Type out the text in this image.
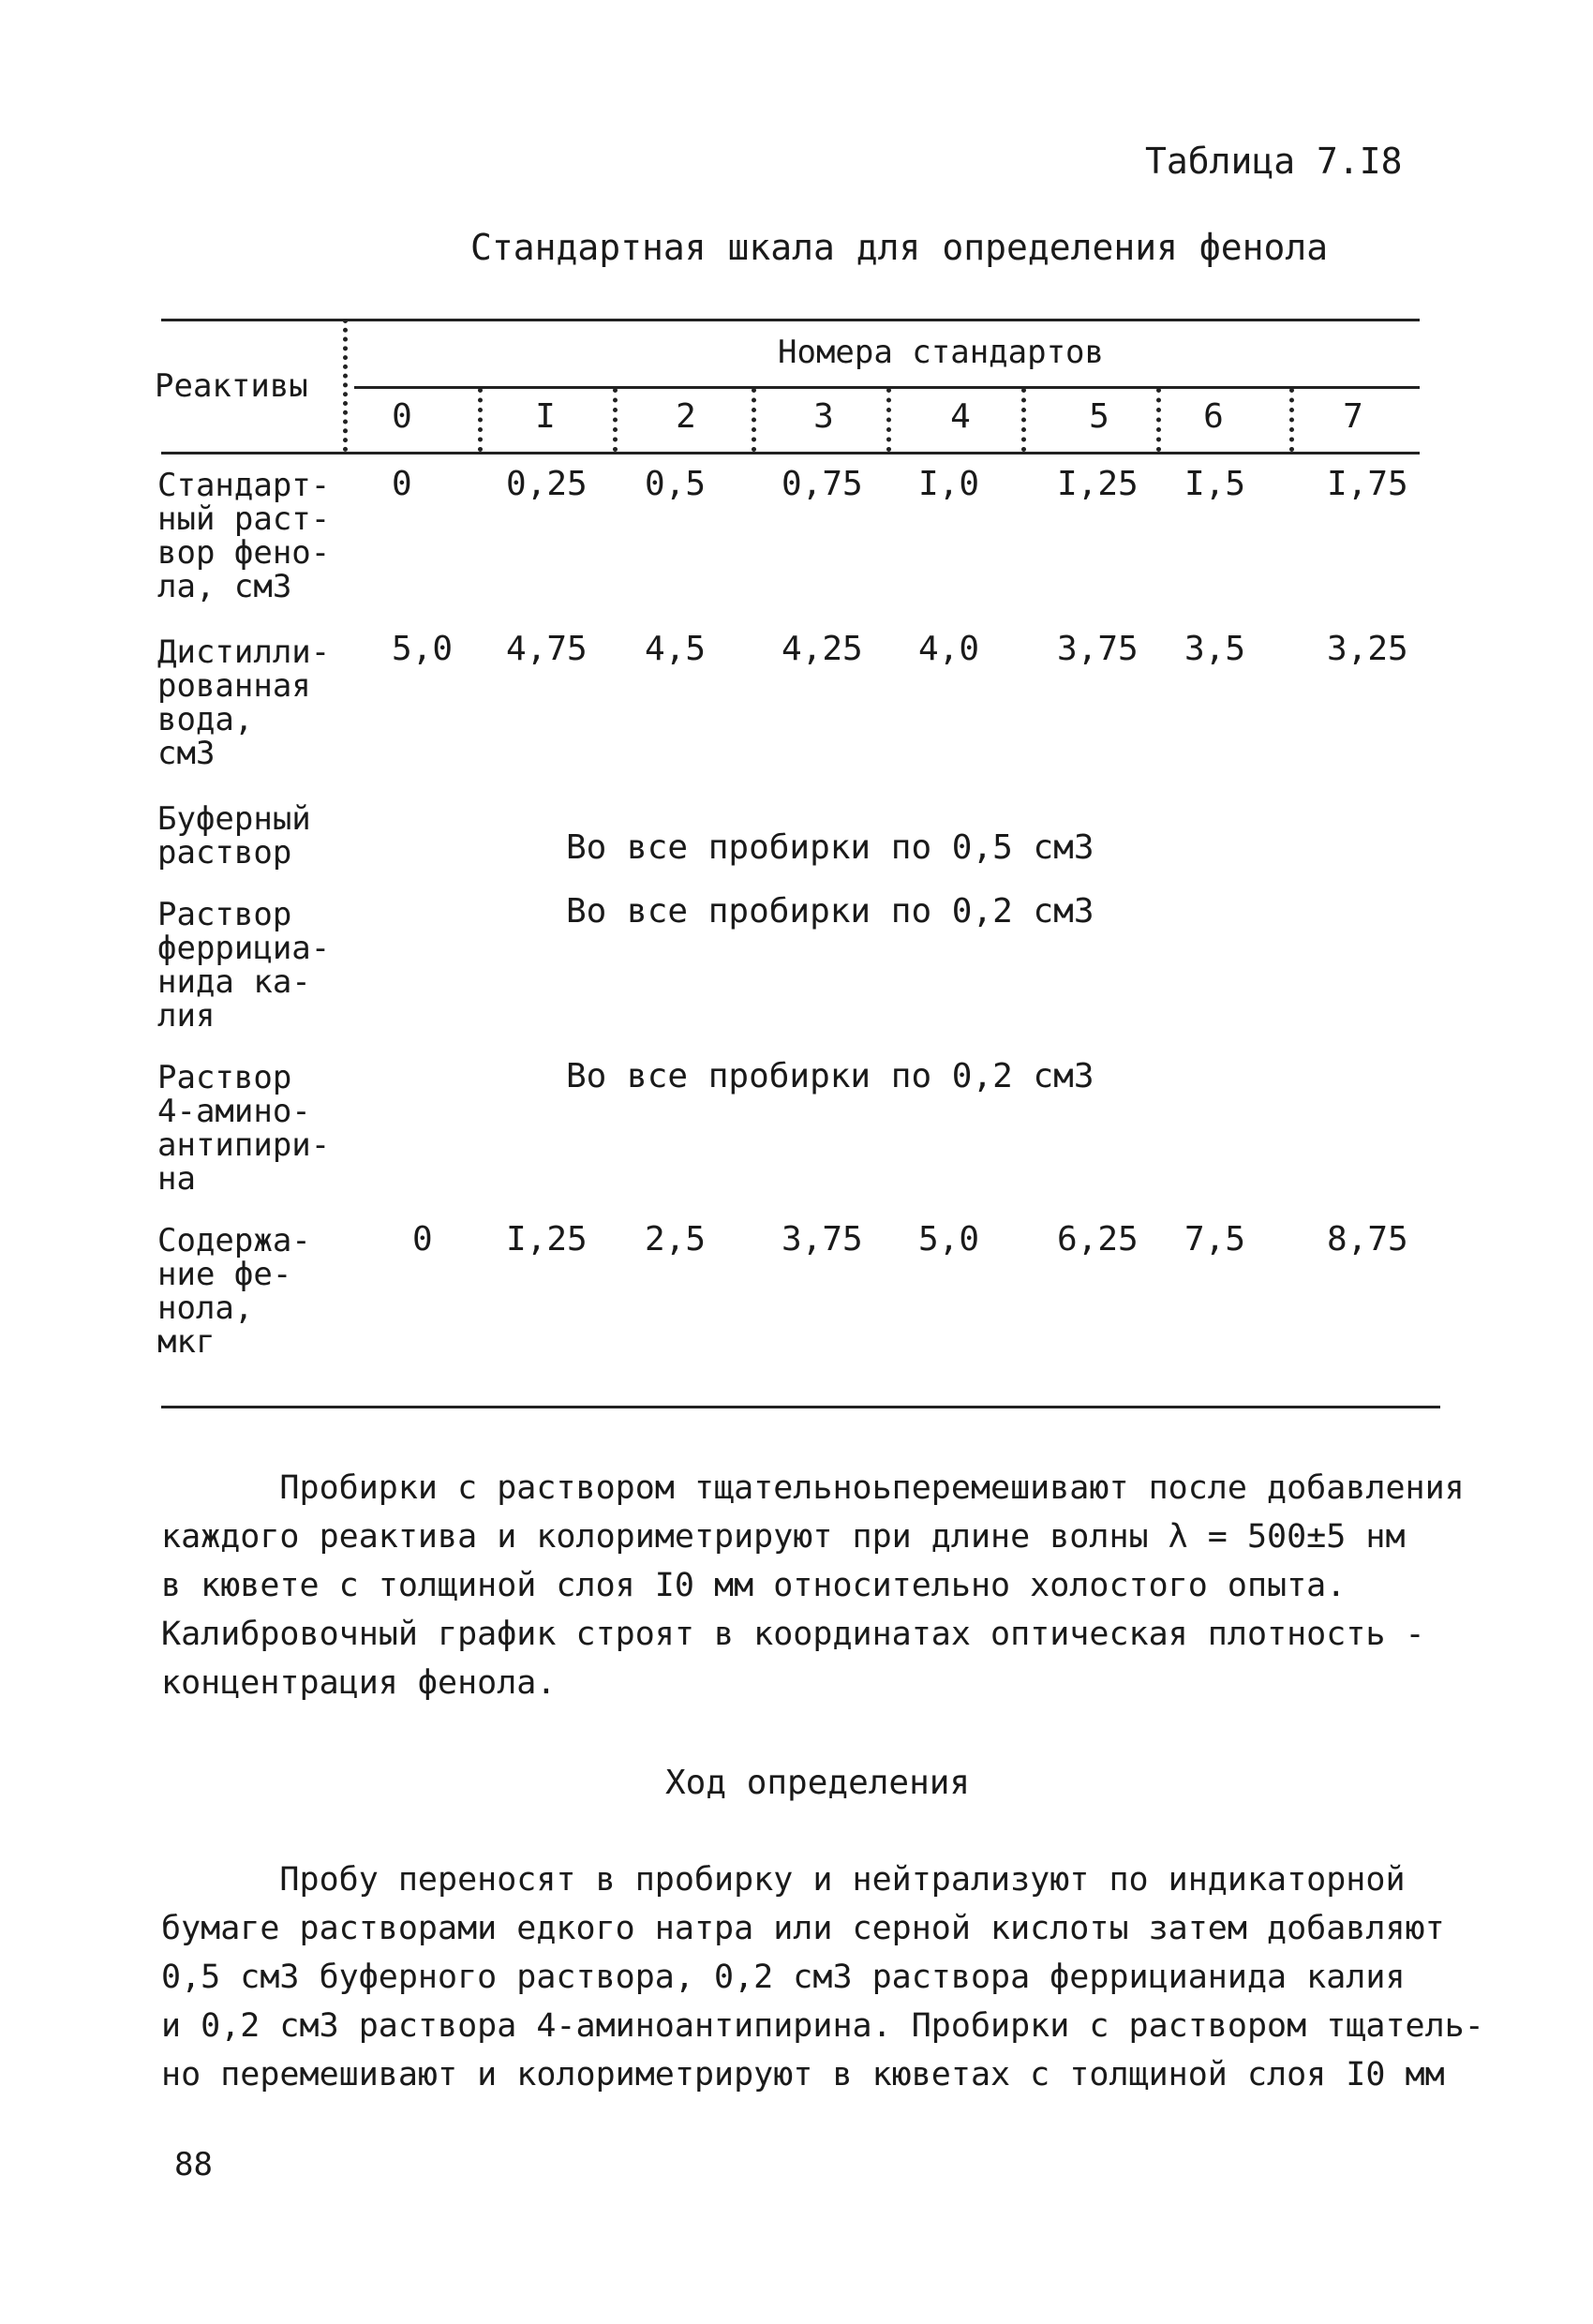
Таблица 7.I8
Стандартная шкала для определения фенола
Реактивы
Номера стандартов
0	I	2	3	4	5	6	7
Стандарт-
ный раст-
вор фено-
ла, см3
0	0,25 0,5 0,75 I,0 I,25 I,5 I,75
Дистилли-
рованная
вода,
см3
5,0 4,75 4,5 4,25 4,0 3,75 3,5 3,25
Буферный
раствор	Во все пробирки по 0,5 см3
Раствор
феррициа-
нида ка-
лия
Во все пробирки по 0,2 см3
Раствор
4-амино-
антипири-
на
Во все пробирки по 0,2 см3
Содержа-
ние фе-
нола,
мкг
0 I,25 2,5 3,75 5,0 6,25 7,5 8,75
Пробирки с раствором тщательноьперемешивают после добавления
каждого реактива и колориметрируют при длине волны λ = 500±5 нм
в кювете с толщиной слоя I0 мм относительно холостого опыта.
Калибровочный график строят в координатах оптическая плотность -
концентрация фенола.
Ход определения
Пробу переносят в пробирку и нейтрализуют по индикаторной
бумаге растворами едкого натра или серной кислоты затем добавляют
0,5 см3 буферного раствора, 0,2 см3 раствора феррицианида калия
и 0,2 см3 раствора 4-аминоантипирина. Пробирки с раствором тщатель-
но перемешивают и колориметрируют в кюветах с толщиной слоя I0 мм
88
